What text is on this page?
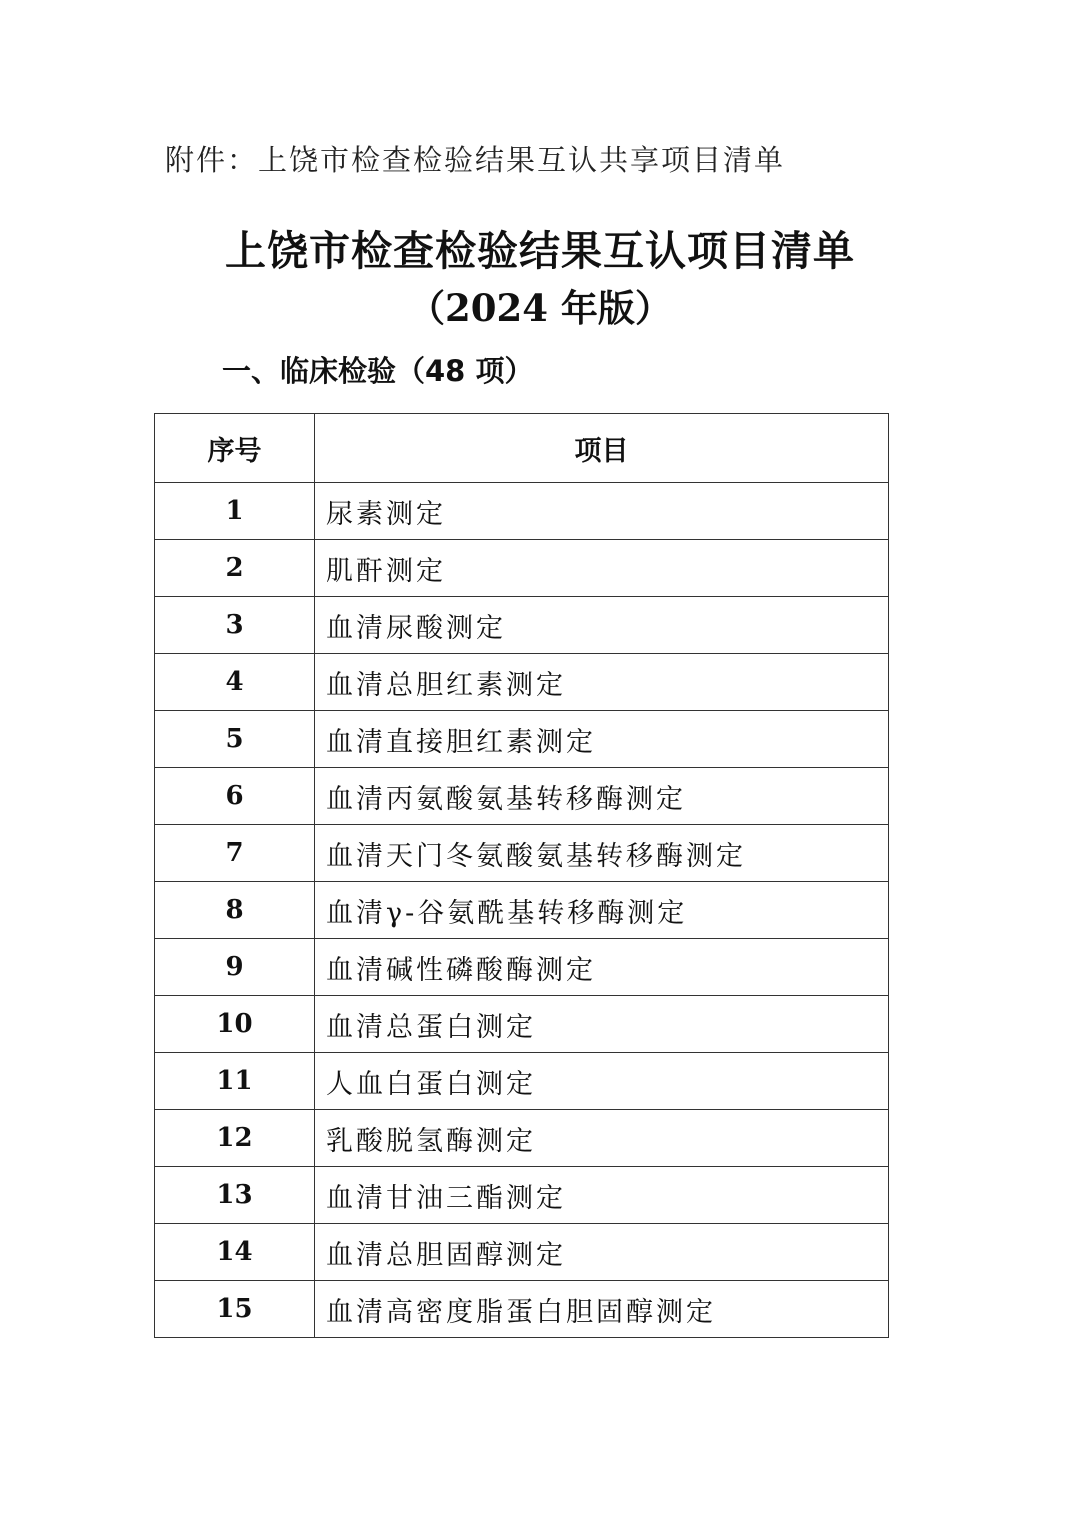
附件：上饶市检查检验结果互认共享项目清单
上饶市检查检验结果互认项目清单
（2024 年版）
一、临床检验（48 项）
序号	项目
1	尿素测定
2	肌酐测定
3	血清尿酸测定
4	血清总胆红素测定
5	血清直接胆红素测定
6	血清丙氨酸氨基转移酶测定
7	血清天门冬氨酸氨基转移酶测定
8	血清γ-谷氨酰基转移酶测定
9	血清碱性磷酸酶测定
10	血清总蛋白测定
11	人血白蛋白测定
12	乳酸脱氢酶测定
13	血清甘油三酯测定
14	血清总胆固醇测定
15	血清高密度脂蛋白胆固醇测定
